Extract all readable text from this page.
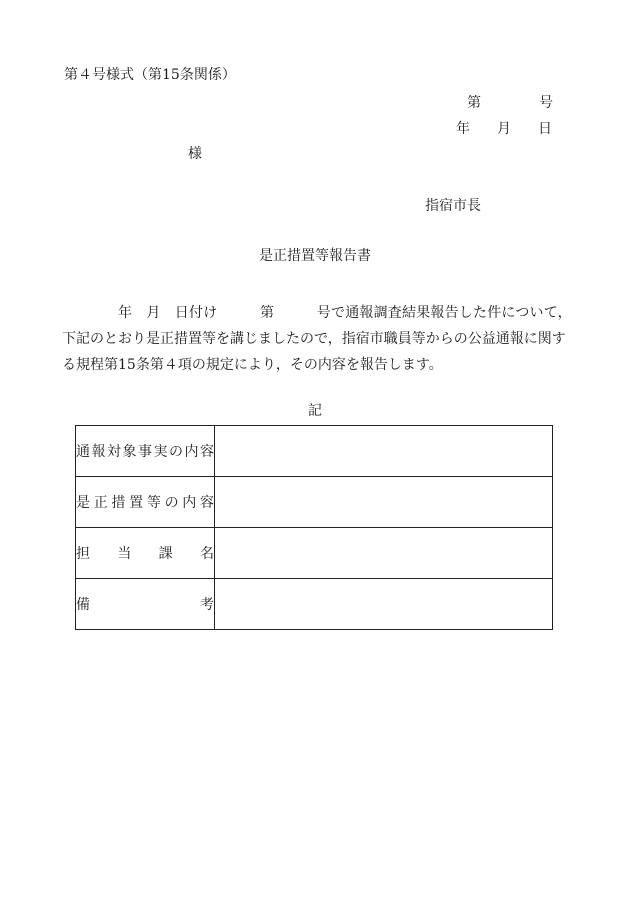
第４号様式（第15条関係）
第	号
年 月 日
様
指宿市長
是正措置等報告書
年　月　日付け　　　第　　　号で通報調査結果報告した件について，
下記のとおり是正措置等を講じましたので，指宿市職員等からの公益通報に関す
る規程第15条第４項の規定により，その内容を報告します。
記
通報対象事実の内容	
是正措置等の内容	
担当課名	
備考	
